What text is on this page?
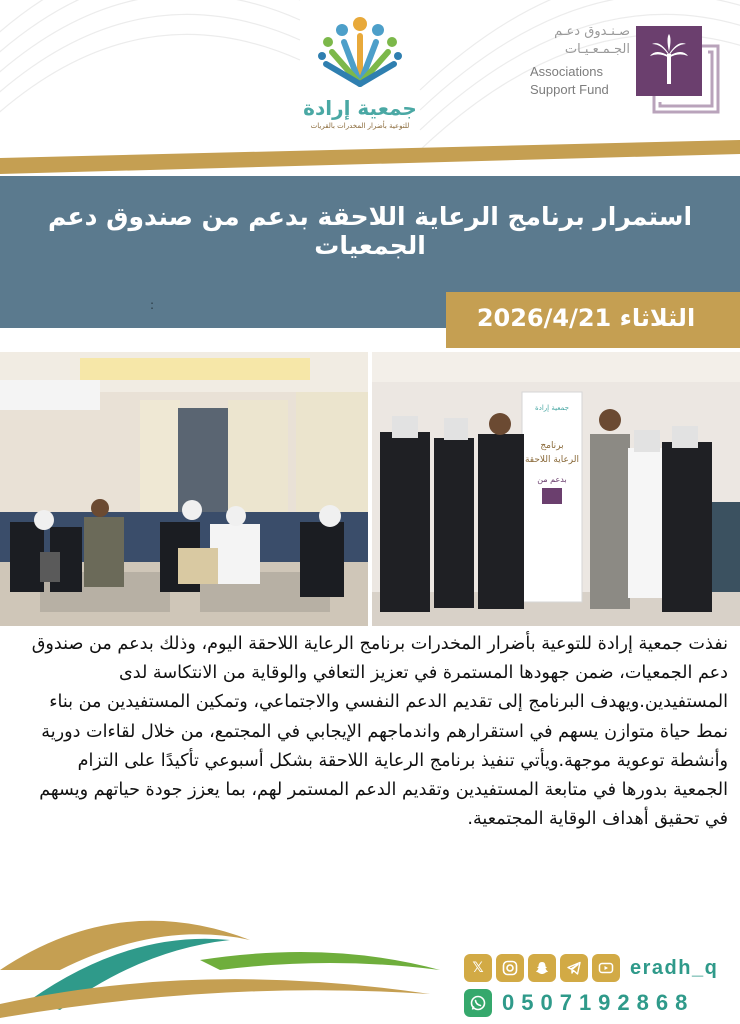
جمعية إرادة
للتوعية بأضرار المخدرات بالقريات
صـنـدوق دعـم
الجـمـعـيـات
Associations
Support Fund
استمرار برنامج الرعاية اللاحقة بدعم من صندوق دعم الجمعيات
:	الثلاثاء 2026/4/21
جمعية إرادة
برنامج
الرعاية اللاحقة
بدعم من
نفذت جمعية إرادة للتوعية بأضرار المخدرات برنامج الرعاية اللاحقة اليوم، وذلك بدعم من صندوق دعم الجمعيات، ضمن جهودها المستمرة في تعزيز التعافي والوقاية من الانتكاسة لدى المستفيدين.ويهدف البرنامج إلى تقديم الدعم النفسي والاجتماعي، وتمكين المستفيدين من بناء نمط حياة متوازن يسهم في استقرارهم واندماجهم الإيجابي في المجتمع، من خلال لقاءات دورية وأنشطة توعوية موجهة.ويأتي تنفيذ برنامج الرعاية اللاحقة بشكل أسبوعي تأكيدًا على التزام الجمعية بدورها في متابعة المستفيدين وتقديم الدعم المستمر لهم، بما يعزز جودة حياتهم ويسهم في تحقيق أهداف الوقاية المجتمعية.
𝕏	eradh_q
0507192868
